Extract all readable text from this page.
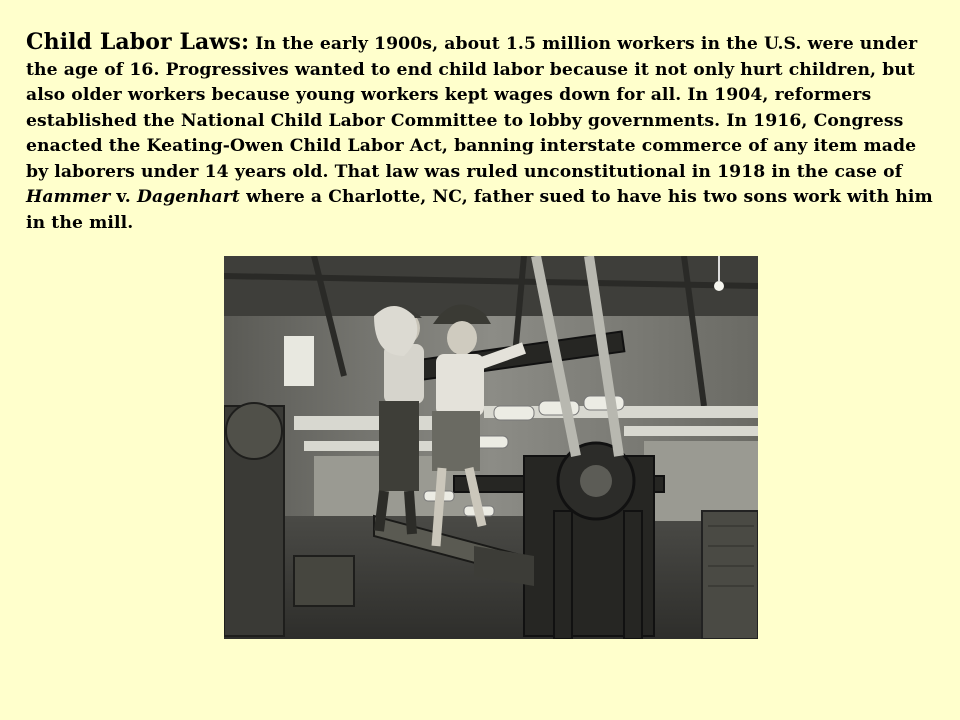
Child Labor Laws: In the early 1900s, about 1.5 million workers in the U.S. were under the age of 16. Progressives wanted to end child labor because it not only hurt children, but also older workers because young workers kept wages down for all. In 1904, reformers established the National Child Labor Committee to lobby governments. In 1916, Congress enacted the Keating-Owen Child Labor Act, banning interstate commerce of any item made by laborers under 14 years old. That law was ruled unconstitutional in 1918 in the case of Hammer v. Dagenhart where a Charlotte, NC, father sued to have his two sons work with him in the mill.
